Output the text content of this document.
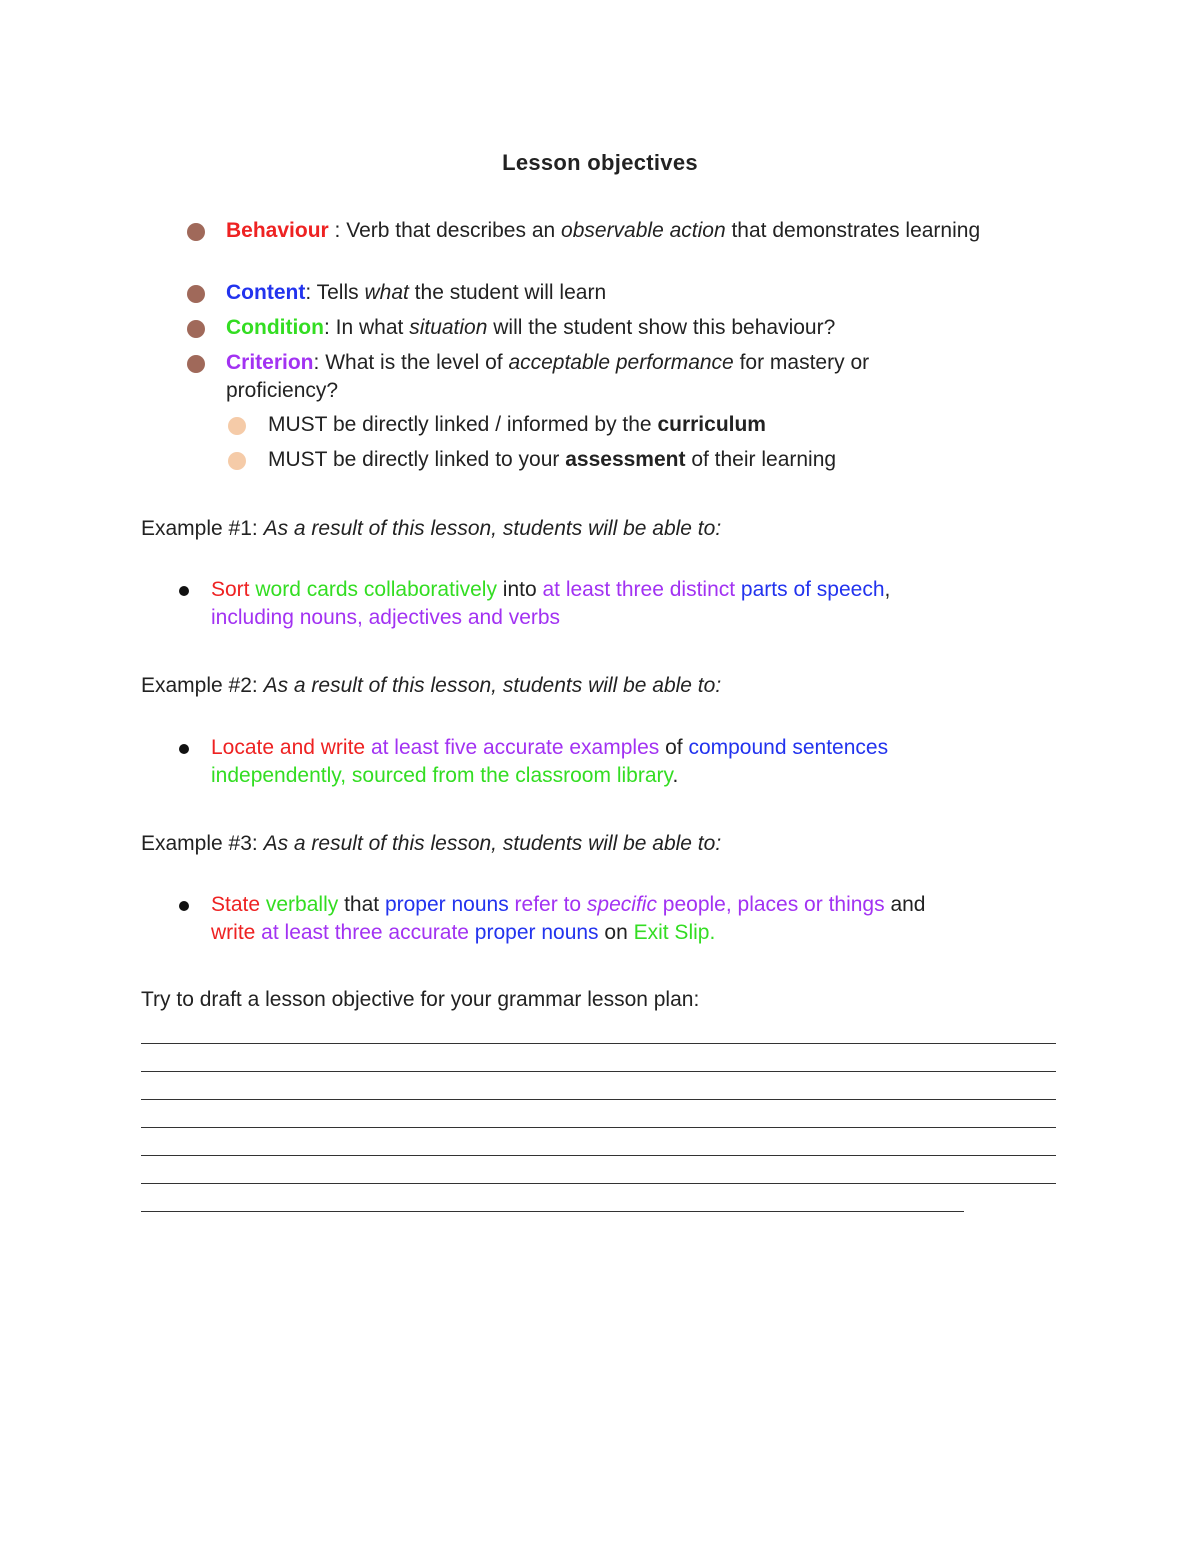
Lesson objectives
Behaviour : Verb that describes an observable action that demonstrates learning
Content: Tells what the student will learn
Condition: In what situation will the student show this behaviour?
Criterion: What is the level of acceptable performance for mastery or proficiency?
MUST be directly linked / informed by the curriculum
MUST be directly linked to your assessment of their learning
Example #1: As a result of this lesson, students will be able to:
Sort word cards collaboratively into at least three distinct parts of speech,
including nouns, adjectives and verbs
Example #2: As a result of this lesson, students will be able to:
Locate and write at least five accurate examples of compound sentences
independently, sourced from the classroom library.
Example #3: As a result of this lesson, students will be able to:
State verbally that proper nouns refer to specific people, places or things and
write at least three accurate proper nouns on Exit Slip.
Try to draft a lesson objective for your grammar lesson plan:
